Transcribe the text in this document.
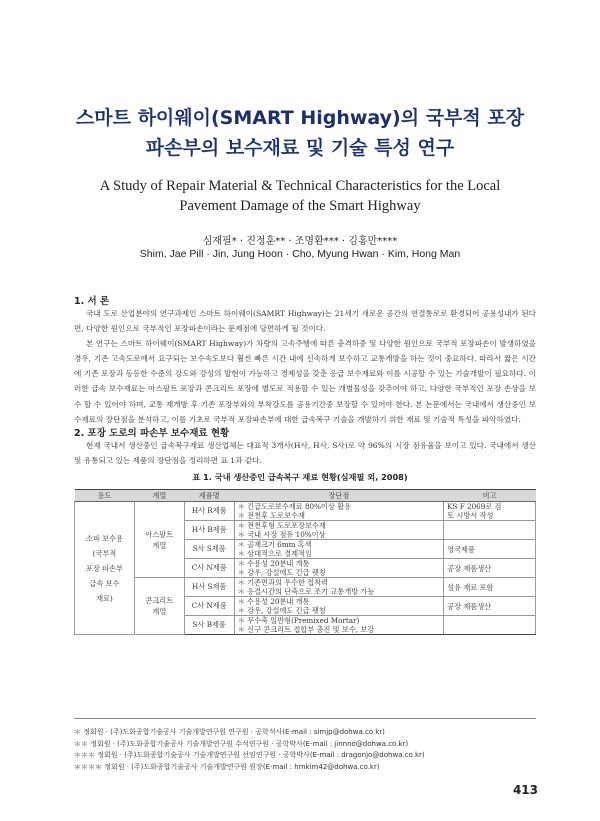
스마트 하이웨이(SMART Highway)의 국부적 포장
파손부의 보수재료 및 기술 특성 연구
A Study of Repair Material & Technical Characteristics for the Local
Pavement Damage of the Smart Highway
심재필* · 진정훈** · 조명환*** · 김홍만****
Shim, Jae Pill · Jin, Jung Hoon · Cho, Myung Hwan · Kim, Hong Man
1. 서 론

국내 도로 산업분야의 연구과제인 스마트 하이웨이(SAMRT Highway)는 21세기 새로운 공간의 연결통로로 환경되어 공용성내가 된다면, 다양한 원인으로 국부적인 포장파손이라는 문제점에 당면하게 될 것이다.

본 연구는 스마트 하이웨이(SMART Highway)가 차량의 고속주행에 따른 충격하중 및 다양한 원인으로 국부적 포장파손이 발생하였을 경우, 기존 고속도로에서 요구되는 보수속도보다 훨씬 빠른 시간 내에 신속하게 보수하고 교통개방을 하는 것이 중요하다. 따라서 짧은 시간에 기존 포장과 동등한 수준의 강도와 강성의 발현이 가능하고 경제성을 갖춘 응급 보수재료와 이를 시공할 수 있는 기술개발이 필요하다. 이러한 급속 보수재료는 아스팔트 포장과 콘크리트 포장에 별도로 적용할 수 있는 개별물성을 갖추어야 하고, 다양한 국부적인 포장 손상을 보수 할 수 있어야 하며, 교통 재개방 후 기존 포장부와의 부착강도를 공용기간중 보장할 수 있어야 한다. 본 논문에서는 국내에서 생산중인 보수재료의 장단점을 분석하고, 이를 기초로 국부적 포장파손부에 대한 급속복구 기술을 개발하기 위한 재료 및 기술적 특성을 파악하였다.

2. 포장 도로의 파손부 보수재료 현황

현재 국내서 생산중인 급속복구재료 생산업체는 대표적 3개사(H사, H사, S사)로 약 96%의 시장 점유율을 보이고 있다. 국내에서 생산 및 유통되고 있는 제품의 장단점을 정리하면 표 1과 같다.

표 1. 국내 생산중인 급속복구 재료 현황(심재필 외, 2008)
용도	계열	제품명	장단점	비고

소파 보수용
(국부적
포장 파손부
급속 보수
재료)	아스팔트
계열	H사 R제품	＊ 긴급도로보수재료 80%이상 활용
＊ 전천후 도로보수재	KS F 2069로 검
토 시방서 작성

		H사 B제품	＊ 전천후형 도로포장보수재
＊ 국내 시장 점유 10%이상	

		S사 S제품	＊ 골재크기 6mm 혹색
＊ 상대적으로 경제적임	영국제품

		C사 N제품	＊ 수용성 20분내 개통
＊ 강우, 강설에도 긴급 팻칭	공장 제품생산

	콘크리트
계열	H사 S제품	＊ 기존면과의 우수한 접착력
＊ 응결시간의 단축으로 조기 교통개방 가능	섬유 재료 포함

		C사 N제품	＊ 수용성 20분내 개통
＊ 강우, 강설에도 긴급 팻칭	공장 제품생산

		S사 B제품	＊ 무수축 일반형(Premixed Mortar)
＊ 신구 콘크리트 접합부 충진 및 보수, 보강	

＊ 정회원 · (주)도화종합기술공사 기술개발연구원 연구원 · 공학석사(E-mail : simjp@dohwa.co.kr)
＊＊ 정회원 · (주)도화종합기술공사 기술개발연구원 수석연구원 · 공학박사(E-mail : jinnno@dohwa.co.kr)
＊＊＊ 정회원 · (주)도화종합기술공사 기술개발연구원 선임연구원 · 공학박사(E-mail : dragonjo@dohwa.co.kr)
＊＊＊＊ 정회원 · (주)도화종합기술공사 기술개발연구원 원장(E-mail : hmkim42@dohwa.co.kr)
413
